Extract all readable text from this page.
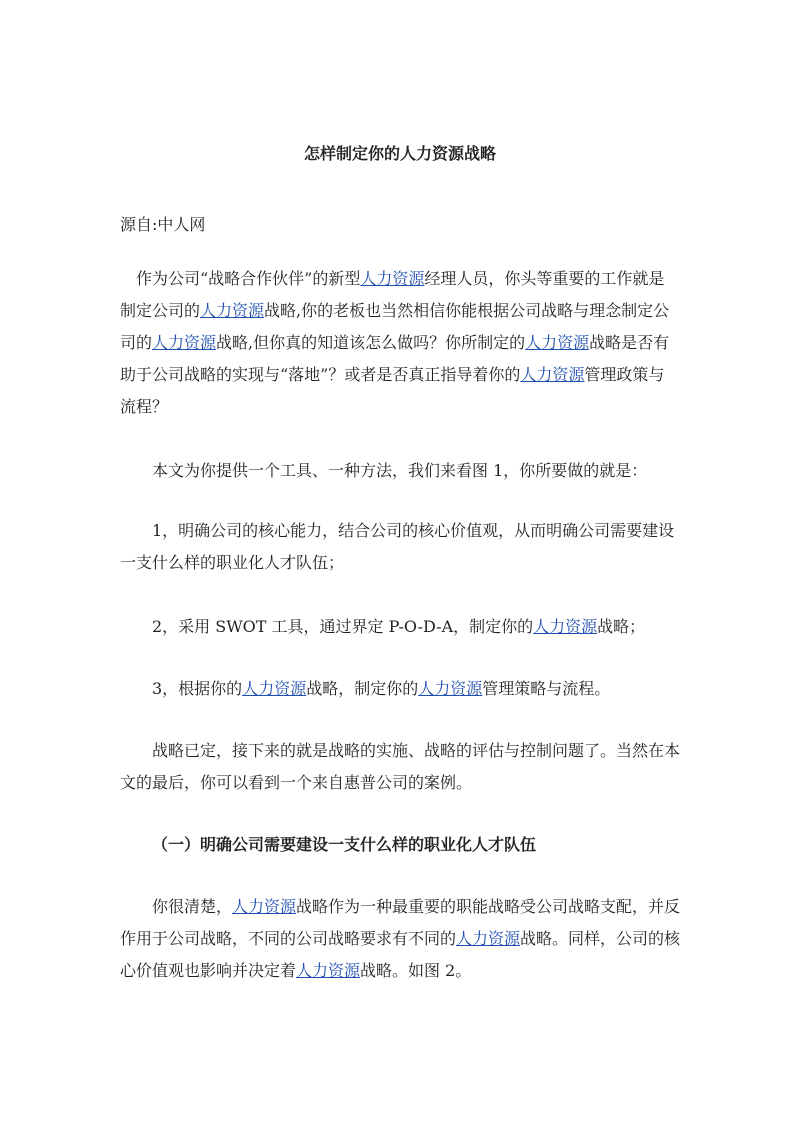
怎样制定你的人力资源战略
源自:中人网
作为公司“战略合作伙伴”的新型人力资源经理人员，你头等重要的工作就是
制定公司的人力资源战略,你的老板也当然相信你能根据公司战略与理念制定公
司的人力资源战略,但你真的知道该怎么做吗？你所制定的人力资源战略是否有
助于公司战略的实现与“落地”？或者是否真正指导着你的人力资源管理政策与
流程？
本文为你提供一个工具、一种方法，我们来看图 1，你所要做的就是：
1，明确公司的核心能力，结合公司的核心价值观，从而明确公司需要建设
一支什么样的职业化人才队伍；
2，采用 SWOT 工具，通过界定 P-O-D-A，制定你的人力资源战略；
3，根据你的人力资源战略，制定你的人力资源管理策略与流程。
战略已定，接下来的就是战略的实施、战略的评估与控制问题了。当然在本
文的最后，你可以看到一个来自惠普公司的案例。
（一）明确公司需要建设一支什么样的职业化人才队伍
你很清楚，人力资源战略作为一种最重要的职能战略受公司战略支配，并反
作用于公司战略，不同的公司战略要求有不同的人力资源战略。同样，公司的核
心价值观也影响并决定着人力资源战略。如图 2。
